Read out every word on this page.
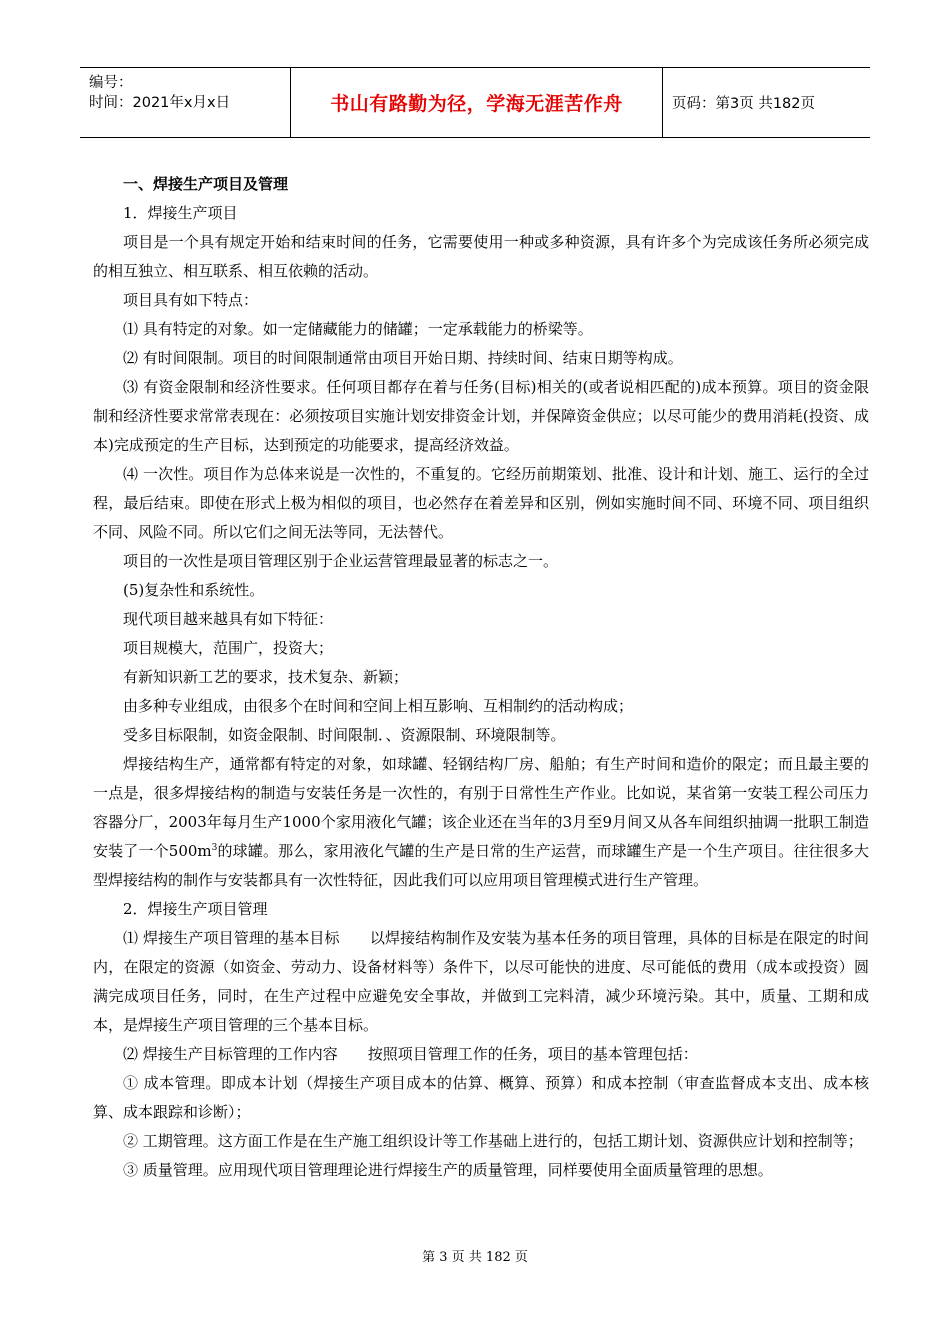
编号：
时间：2021年x月x日	书山有路勤为径，学海无涯苦作舟	页码：第3页 共182页

一、焊接生产项目及管理

1．焊接生产项目

项目是一个具有规定开始和结束时间的任务，它需要使用一种或多种资源，具有许多个为完成该任务所必须完成的相互独立、相互联系、相互依赖的活动。

项目具有如下特点：

⑴ 具有特定的对象。如一定储藏能力的储罐；一定承载能力的桥梁等。

⑵ 有时间限制。项目的时间限制通常由项目开始日期、持续时间、结束日期等构成。

⑶ 有资金限制和经济性要求。任何项目都存在着与任务(目标)相关的(或者说相匹配的)成本预算。项目的资金限制和经济性要求常常表现在：必须按项目实施计划安排资金计划，并保障资金供应；以尽可能少的费用消耗(投资、成本)完成预定的生产目标，达到预定的功能要求，提高经济效益。

⑷ 一次性。项目作为总体来说是一次性的，不重复的。它经历前期策划、批准、设计和计划、施工、运行的全过程，最后结束。即使在形式上极为相似的项目，也必然存在着差异和区别，例如实施时间不同、环境不同、项目组织不同、风险不同。所以它们之间无法等同，无法替代。

项目的一次性是项目管理区别于企业运营管理最显著的标志之一。

(5)复杂性和系统性。

现代项目越来越具有如下特征：

项目规模大，范围广，投资大；

有新知识新工艺的要求，技术复杂、新颖；

由多种专业组成，由很多个在时间和空间上相互影响、互相制约的活动构成；

受多目标限制，如资金限制、时间限制．、资源限制、环境限制等。

焊接结构生产，通常都有特定的对象，如球罐、轻钢结构厂房、船舶；有生产时间和造价的限定；而且最主要的一点是，很多焊接结构的制造与安装任务是一次性的，有别于日常性生产作业。比如说，某省第一安装工程公司压力容器分厂，2003年每月生产1000个家用液化气罐；该企业还在当年的3月至9月间又从各车间组织抽调一批职工制造安装了一个$500m^3$的球罐。那么，家用液化气罐的生产是日常的生产运营，而球罐生产是一个生产项目。往往很多大型焊接结构的制作与安装都具有一次性特征，因此我们可以应用项目管理模式进行生产管理。

2．焊接生产项目管理

⑴ 焊接生产项目管理的基本目标　　以焊接结构制作及安装为基本任务的项目管理，具体的目标是在限定的时间内，在限定的资源（如资金、劳动力、设备材料等）条件下，以尽可能快的进度、尽可能低的费用（成本或投资）圆满完成项目任务，同时，在生产过程中应避免安全事故，并做到工完料清，减少环境污染。其中，质量、工期和成本，是焊接生产项目管理的三个基本目标。

⑵ 焊接生产目标管理的工作内容　　按照项目管理工作的任务，项目的基本管理包括：

① 成本管理。即成本计划（焊接生产项目成本的估算、概算、预算）和成本控制（审查监督成本支出、成本核算、成本跟踪和诊断）；

② 工期管理。这方面工作是在生产施工组织设计等工作基础上进行的，包括工期计划、资源供应计划和控制等；

③ 质量管理。应用现代项目管理理论进行焊接生产的质量管理，同样要使用全面质量管理的思想。

第 3 页 共 182 页
